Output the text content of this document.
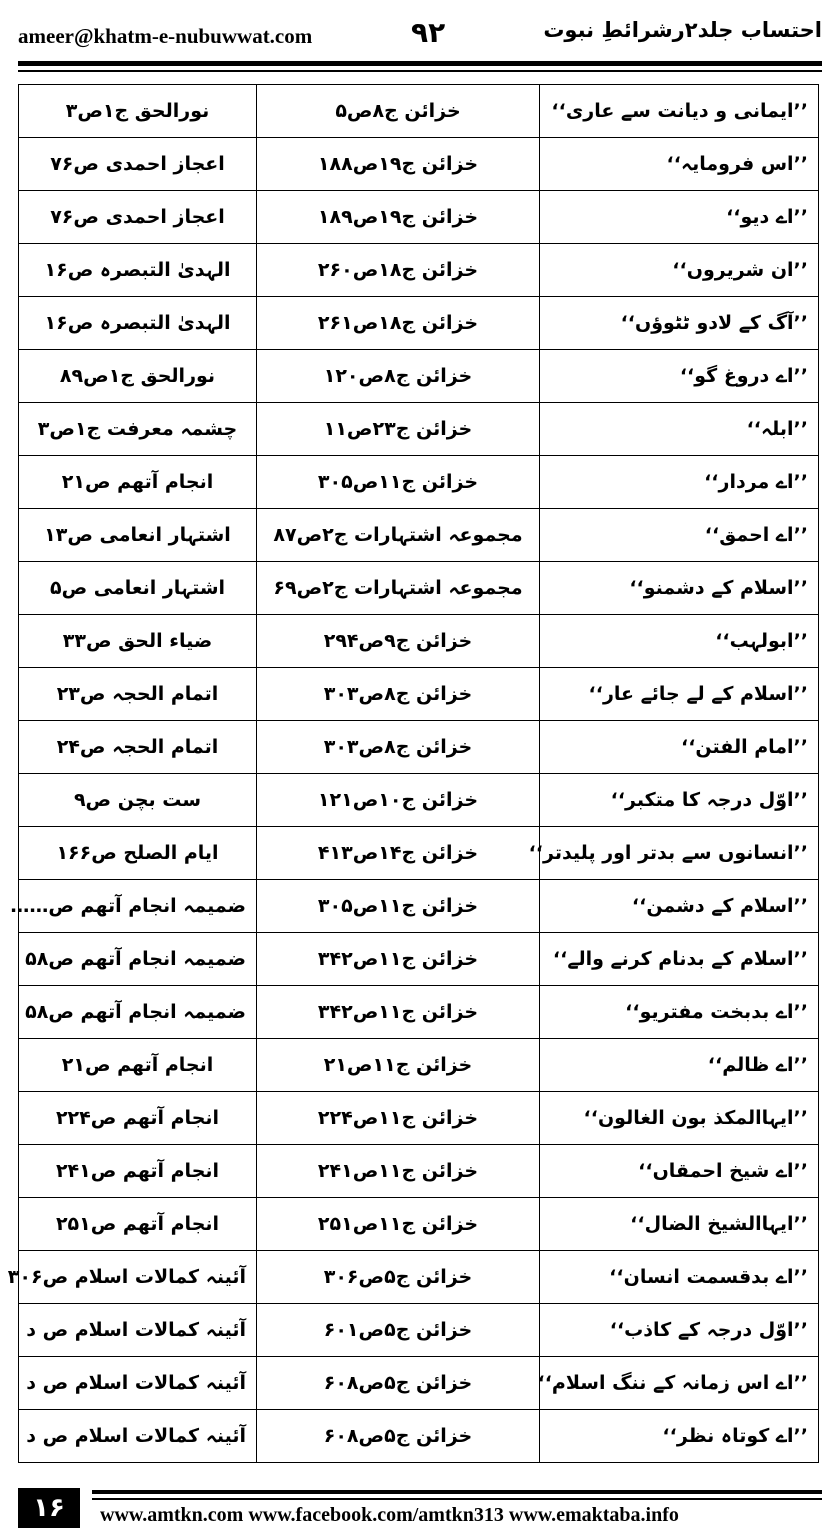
ameer@khatm-e-nubuwwat.com	۹۲	احتساب جلد۲رشرائطِ نبوت
’’ایمانی و دیانت سے عاری‘‘	خزائن ج۸ص۵	نورالحق ج۱ص۳
’’اس فرومایہ‘‘	خزائن ج۱۹ص۱۸۸	اعجاز احمدی ص۷۶
’’اے دیو‘‘	خزائن ج۱۹ص۱۸۹	اعجاز احمدی ص۷۶
’’ان شریروں‘‘	خزائن ج۱۸ص۲۶۰	الہدیٰ التبصرہ ص۱۶
’’آگ کے لادو ٹٹوؤں‘‘	خزائن ج۱۸ص۲۶۱	الہدیٰ التبصرہ ص۱۶
’’اے دروغ گو‘‘	خزائن ج۸ص۱۲۰	نورالحق ج۱ص۸۹
’’ابلہ‘‘	خزائن ج۲۳ص۱۱	چشمہ معرفت ج۱ص۳
’’اے مردار‘‘	خزائن ج۱۱ص۳۰۵	انجام آتھم ص۲۱
’’اے احمق‘‘	مجموعہ اشتہارات ج۲ص۸۷	اشتہار انعامی ص۱۳
’’اسلام کے دشمنو‘‘	مجموعہ اشتہارات ج۲ص۶۹	اشتہار انعامی ص۵
’’ابولہب‘‘	خزائن ج۹ص۲۹۴	ضیاء الحق ص۳۳
’’اسلام کے لے جائے عار‘‘	خزائن ج۸ص۳۰۳	اتمام الحجہ ص۲۳
’’امام الفتن‘‘	خزائن ج۸ص۳۰۳	اتمام الحجہ ص۲۴
’’اوّل درجہ کا متکبر‘‘	خزائن ج۱۰ص۱۲۱	ست بچن ص۹
’’انسانوں سے بدتر اور پلیدتر‘‘	خزائن ج۱۴ص۴۱۳	ایام الصلح ص۱۶۶
’’اسلام کے دشمن‘‘	خزائن ج۱۱ص۳۰۵	ضمیمہ انجام آتھم ص……
’’اسلام کے بدنام کرنے والے‘‘	خزائن ج۱۱ص۳۴۲	ضمیمہ انجام آتھم ص۵۸
’’اے بدبخت مفتریو‘‘	خزائن ج۱۱ص۳۴۲	ضمیمہ انجام آتھم ص۵۸
’’اے ظالم‘‘	خزائن ج۱۱ص۲۱	انجام آتھم ص۲۱
’’ایہاالمکذ بون الغالون‘‘	خزائن ج۱۱ص۲۲۴	انجام آتھم ص۲۲۴
’’اے شیخ احمقاں‘‘	خزائن ج۱۱ص۲۴۱	انجام آتھم ص۲۴۱
’’ایہاالشیخ الضال‘‘	خزائن ج۱۱ص۲۵۱	انجام آتھم ص۲۵۱
’’اے بدقسمت انسان‘‘	خزائن ج۵ص۳۰۶	آئینہ کمالات اسلام ص۳۰۶
’’اوّل درجہ کے کاذب‘‘	خزائن ج۵ص۶۰۱	آئینہ کمالات اسلام ص د
’’اے اس زمانہ کے ننگ اسلام‘‘	خزائن ج۵ص۶۰۸	آئینہ کمالات اسلام ص د
’’اے کوتاہ نظر‘‘	خزائن ج۵ص۶۰۸	آئینہ کمالات اسلام ص د
۱۶	www.amtkn.com www.facebook.com/amtkn313 www.emaktaba.info
